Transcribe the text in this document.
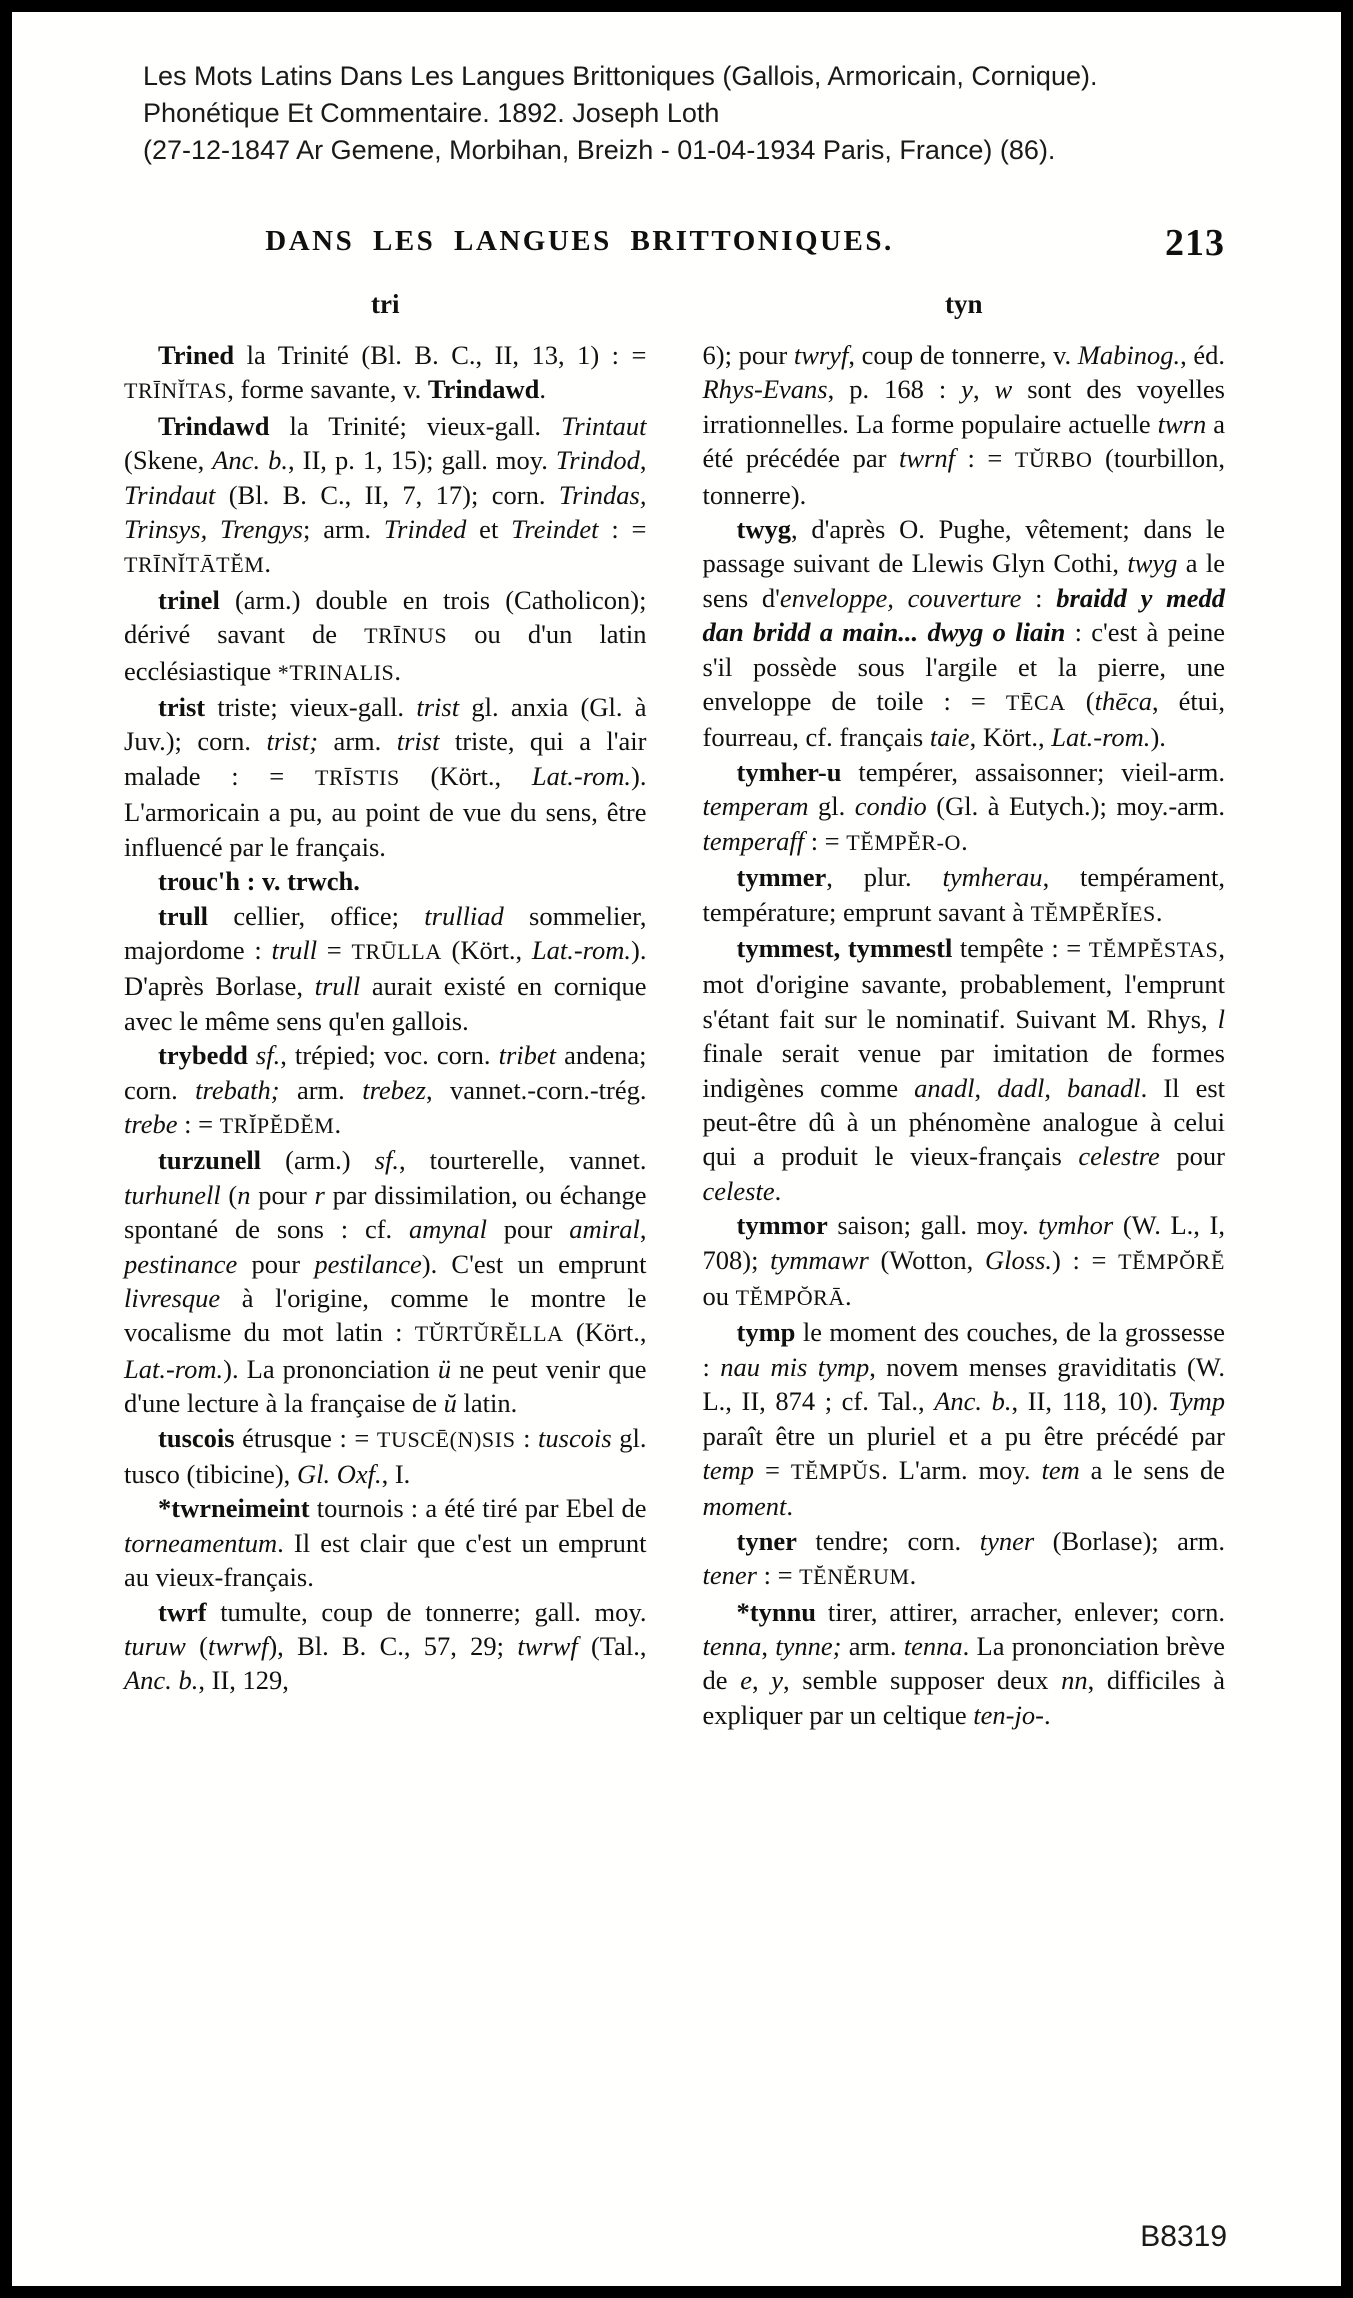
Les Mots Latins Dans Les Langues Brittoniques (Gallois, Armoricain, Cornique).
Phonétique Et Commentaire. 1892. Joseph Loth
(27-12-1847 Ar Gemene, Morbihan, Breizh - 01-04-1934 Paris, France) (86).
DANS LES LANGUES BRITTONIQUES.	213
tri	tyn

Trined la Trinité (Bl. B. C., II, 13, 1) : = TRĪNĬTAS, forme savante, v. Trindawd.

Trindawd la Trinité; vieux-gall. Trintaut (Skene, Anc. b., II, p. 1, 15); gall. moy. Trindod, Trindaut (Bl. B. C., II, 7, 17); corn. Trindas, Trinsys, Trengys; arm. Trinded et Treindet : = TRĪNĬTĀTĔM.

trinel (arm.) double en trois (Catholicon); dérivé savant de TRĪNUS ou d'un latin ecclésiastique *TRINALIS.

trist triste; vieux-gall. trist gl. anxia (Gl. à Juv.); corn. trist; arm. trist triste, qui a l'air malade : = TRĪSTIS (Kört., Lat.-rom.). L'armoricain a pu, au point de vue du sens, être influencé par le français.

trouc'h : v. trwch.

trull cellier, office; trulliad sommelier, majordome : trull = TRŪLLA (Kört., Lat.-rom.). D'après Borlase, trull aurait existé en cornique avec le même sens qu'en gallois.

trybedd sf., trépied; voc. corn. tribet andena; corn. trebath; arm. trebez, vannet.-corn.-trég. trebe : = TRĬPĔDĔM.

turzunell (arm.) sf., tourterelle, vannet. turhunell (n pour r par dissimilation, ou échange spontané de sons : cf. amynal pour amiral, pestinance pour pestilance). C'est un emprunt livresque à l'origine, comme le montre le vocalisme du mot latin : TŬRTŬRĔLLA (Kört., Lat.-rom.). La prononciation ü ne peut venir que d'une lecture à la française de ŭ latin.

tuscois étrusque : = TUSCĒ(N)SIS : tuscois gl. tusco (tibicine), Gl. Oxf., I.

*twrneimeint tournois : a été tiré par Ebel de torneamentum. Il est clair que c'est un emprunt au vieux-français.

twrf tumulte, coup de tonnerre; gall. moy. turuw (twrwf), Bl. B. C., 57, 29; twrwf (Tal., Anc. b., II, 129,

6); pour twryf, coup de tonnerre, v. Mabinog., éd. Rhys-Evans, p. 168 : y, w sont des voyelles irrationnelles. La forme populaire actuelle twrn a été précédée par twrnf : = TŬRBO (tourbillon, tonnerre).

twyg, d'après O. Pughe, vêtement; dans le passage suivant de Llewis Glyn Cothi, twyg a le sens d'enveloppe, couverture : braidd y medd dan bridd a main... dwyg o liain : c'est à peine s'il possède sous l'argile et la pierre, une enveloppe de toile : = TĒCA (thēca, étui, fourreau, cf. français taie, Kört., Lat.-rom.).

tymher-u tempérer, assaisonner; vieil-arm. temperam gl. condio (Gl. à Eutych.); moy.-arm. temperaff : = TĔMPĔR-O.

tymmer, plur. tymherau, tempérament, température; emprunt savant à TĔMPĔRĬES.

tymmest, tymmestl tempête : = TĔMPĔSTAS, mot d'origine savante, probablement, l'emprunt s'étant fait sur le nominatif. Suivant M. Rhys, l finale serait venue par imitation de formes indigènes comme anadl, dadl, banadl. Il est peut-être dû à un phénomène analogue à celui qui a produit le vieux-français celestre pour celeste.

tymmor saison; gall. moy. tymhor (W. L., I, 708); tymmawr (Wotton, Gloss.) : = TĔMPŎRĔ ou TĔMPŎRĀ.

tymp le moment des couches, de la grossesse : nau mis tymp, novem menses graviditatis (W. L., II, 874 ; cf. Tal., Anc. b., II, 118, 10). Tymp paraît être un pluriel et a pu être précédé par temp = TĔMPŬS. L'arm. moy. tem a le sens de moment.

tyner tendre; corn. tyner (Borlase); arm. tener : = TĔNĔRUM.

*tynnu tirer, attirer, arracher, enlever; corn. tenna, tynne; arm. tenna. La prononciation brève de e, y, semble supposer deux nn, difficiles à expliquer par un celtique ten-jo-.

B8319
